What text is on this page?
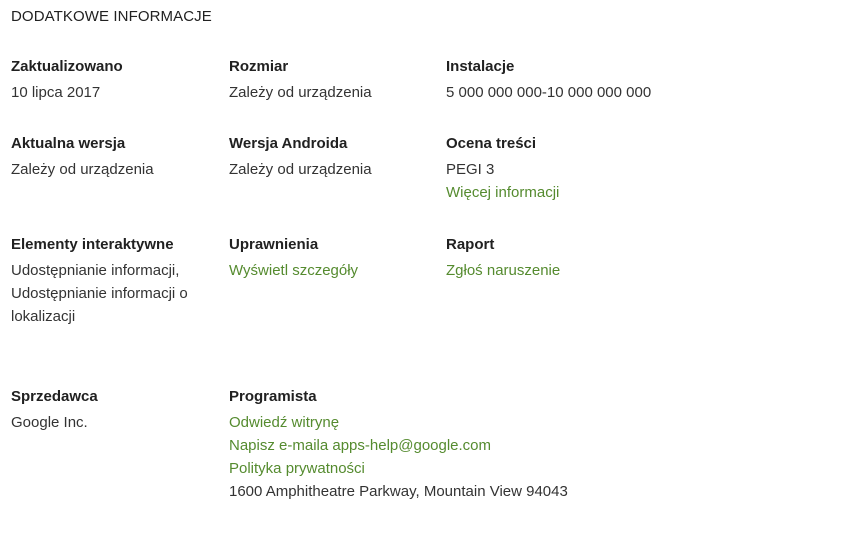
DODATKOWE INFORMACJE
Zaktualizowano
10 lipca 2017
Rozmiar
Zależy od urządzenia
Instalacje
5 000 000 000-10 000 000 000
Aktualna wersja
Zależy od urządzenia
Wersja Androida
Zależy od urządzenia
Ocena treści
PEGI 3
Więcej informacji
Elementy interaktywne
Udostępnianie informacji, Udostępnianie informacji o lokalizacji
Uprawnienia
Wyświetl szczegóły
Raport
Zgłoś naruszenie
Sprzedawca
Google Inc.
Programista
Odwiedź witrynę
Napisz e-maila apps-help@google.com
Polityka prywatności
1600 Amphitheatre Parkway, Mountain View 94043
